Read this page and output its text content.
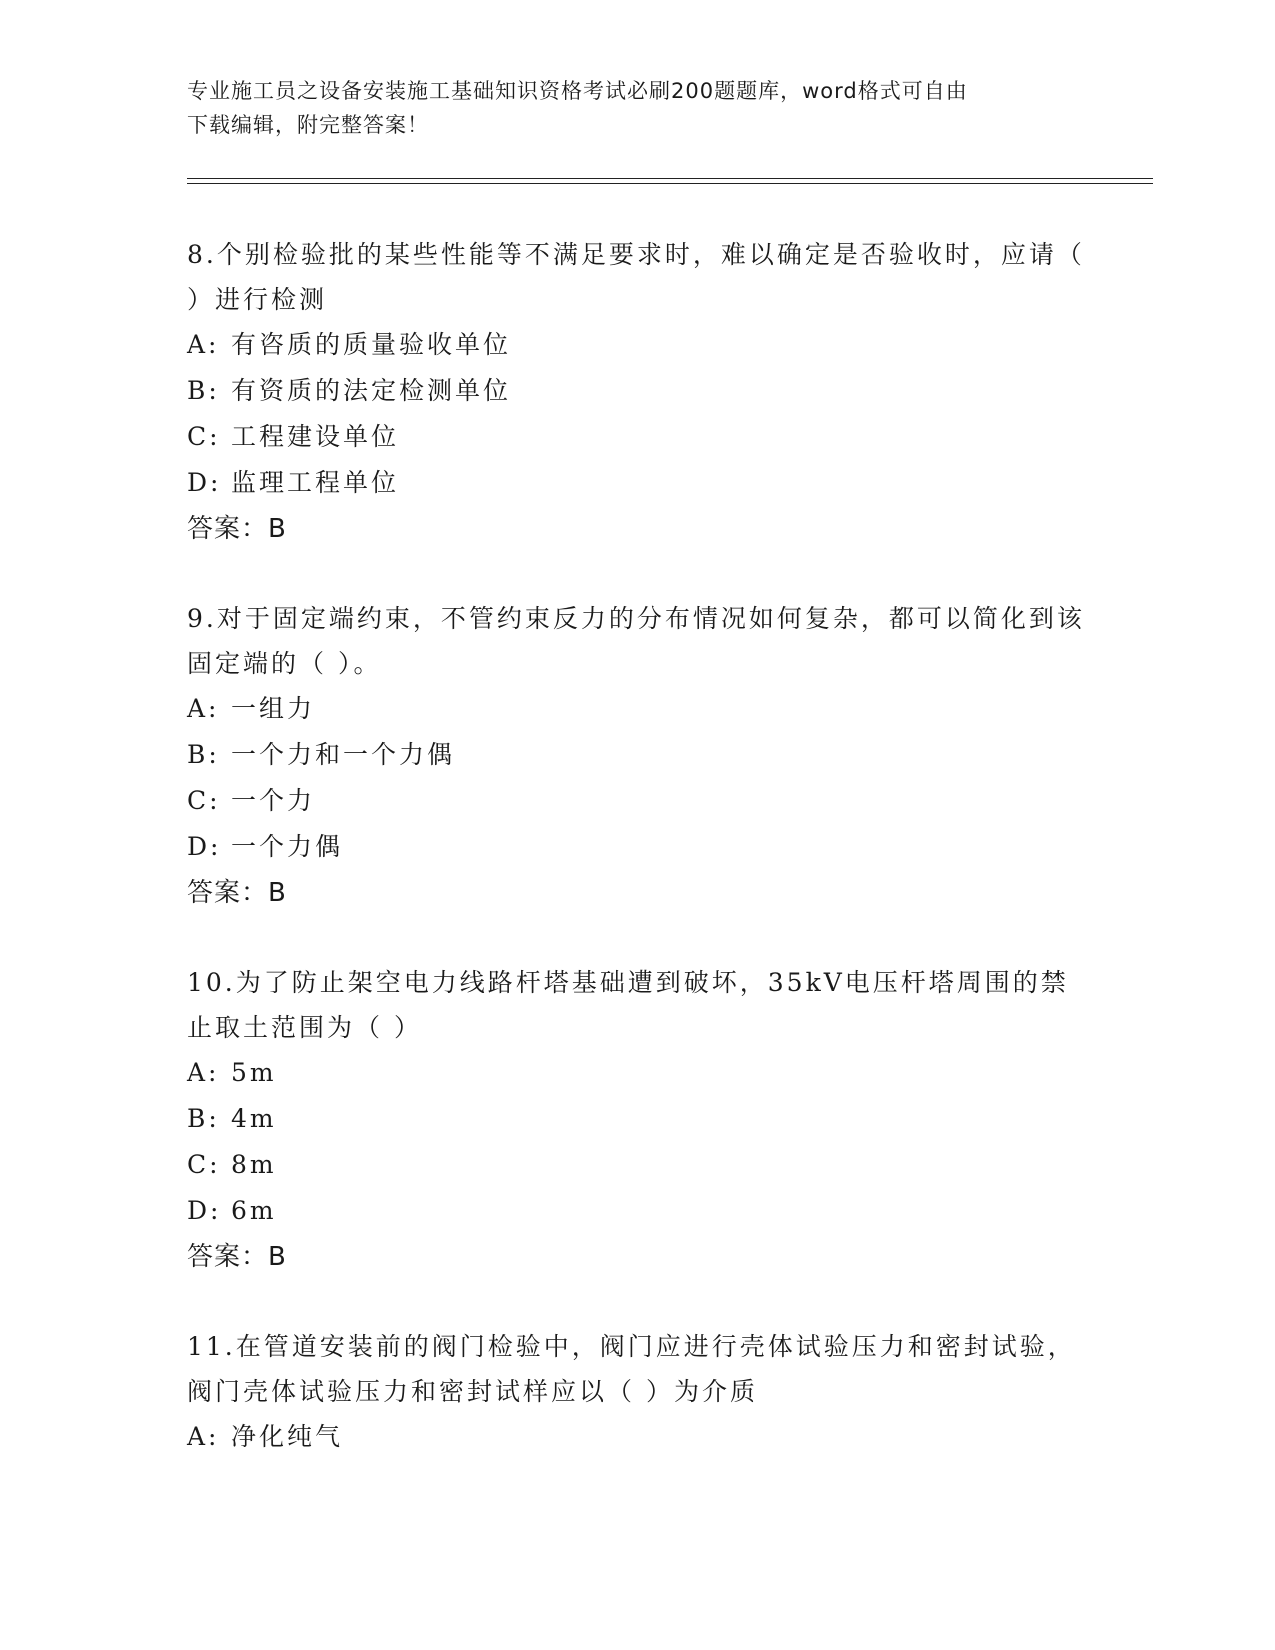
专业施工员之设备安装施工基础知识资格考试必刷200题题库，word格式可自由
下载编辑，附完整答案！
8.个别检验批的某些性能等不满足要求时，难以确定是否验收时，应请（ ）进行检测
A: 有咨质的质量验收单位
B: 有资质的法定检测单位
C: 工程建设单位
D: 监理工程单位
答案：B
9.对于固定端约束，不管约束反力的分布情况如何复杂，都可以简化到该固定端的（ ）。
A: 一组力
B: 一个力和一个力偶
C: 一个力
D: 一个力偶
答案：B
10.为了防止架空电力线路杆塔基础遭到破坏，35kV电压杆塔周围的禁止取土范围为（ ）
A: 5m
B: 4m
C: 8m
D: 6m
答案：B
11.在管道安装前的阀门检验中，阀门应进行壳体试验压力和密封试验，阀门壳体试验压力和密封试样应以（ ）为介质
A: 净化纯气
